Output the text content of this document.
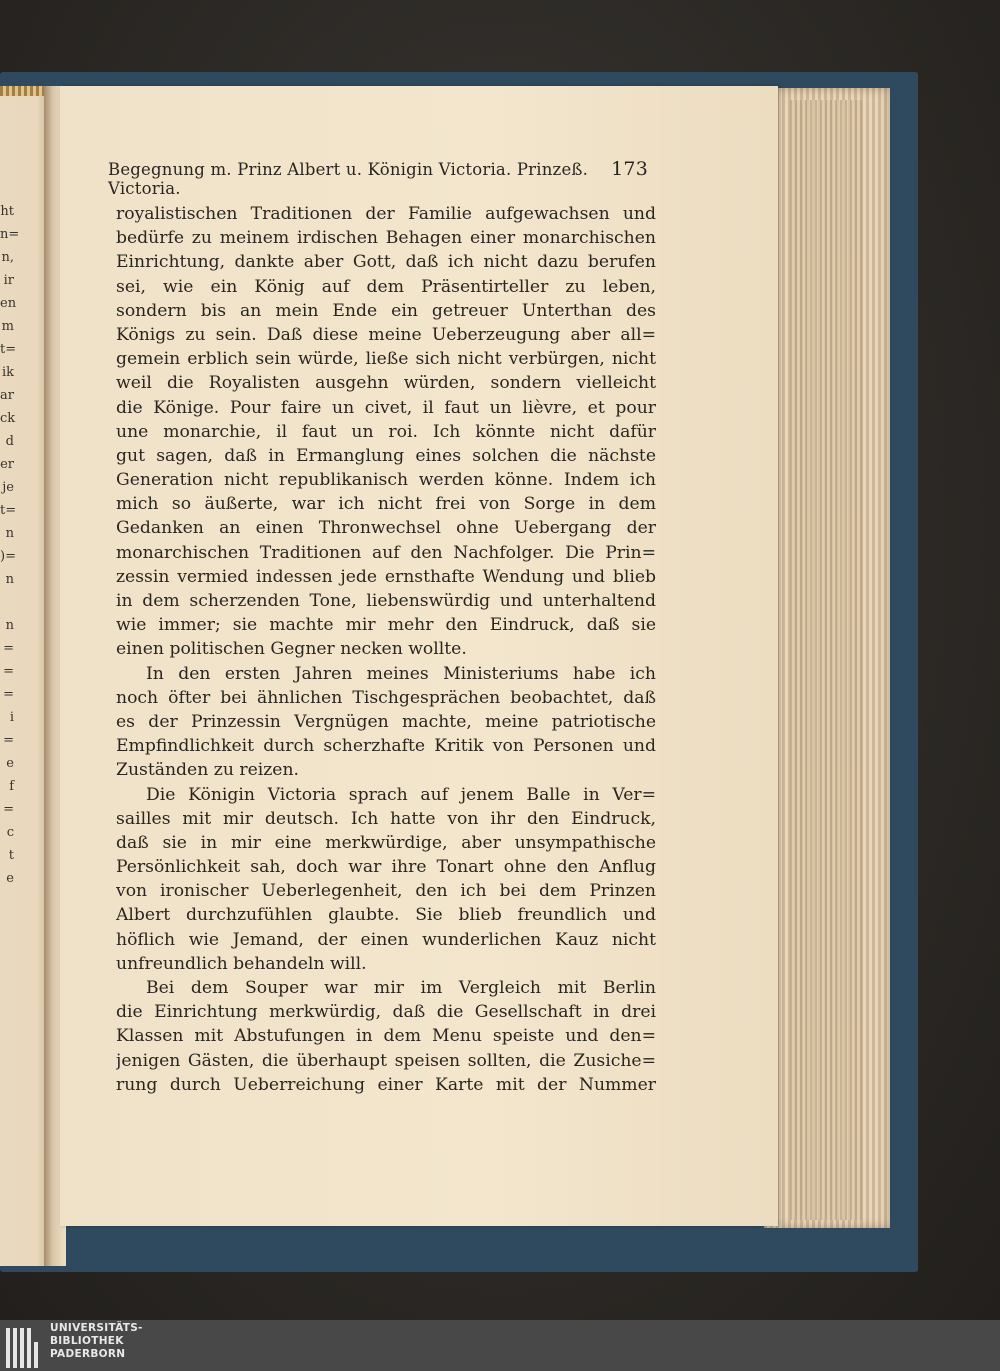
ht
n=
n,
ir
en
m
t=
ik
ar
ck
d
er
je
t=
n
)=
n

n
=
=
=
i
=
e
f
=
c
t
e
Begegnung m. Prinz Albert u. Königin Victoria. Prinzeß. Victoria.
173
royalistischen Traditionen der Familie aufgewachsen und
bedürfe zu meinem irdischen Behagen einer monarchischen
Einrichtung, dankte aber Gott, daß ich nicht dazu berufen
sei, wie ein König auf dem Präsentirteller zu leben,
sondern bis an mein Ende ein getreuer Unterthan des
Königs zu sein. Daß diese meine Ueberzeugung aber all=
gemein erblich sein würde, ließe sich nicht verbürgen, nicht
weil die Royalisten ausgehn würden, sondern vielleicht
die Könige. Pour faire un civet, il faut un lièvre, et pour
une monarchie, il faut un roi. Ich könnte nicht dafür
gut sagen, daß in Ermanglung eines solchen die nächste
Generation nicht republikanisch werden könne. Indem ich
mich so äußerte, war ich nicht frei von Sorge in dem
Gedanken an einen Thronwechsel ohne Uebergang der
monarchischen Traditionen auf den Nachfolger. Die Prin=
zessin vermied indessen jede ernsthafte Wendung und blieb
in dem scherzenden Tone, liebenswürdig und unterhaltend
wie immer; sie machte mir mehr den Eindruck, daß sie
einen politischen Gegner necken wollte.
In den ersten Jahren meines Ministeriums habe ich
noch öfter bei ähnlichen Tischgesprächen beobachtet, daß
es der Prinzessin Vergnügen machte, meine patriotische
Empfindlichkeit durch scherzhafte Kritik von Personen und
Zuständen zu reizen.
Die Königin Victoria sprach auf jenem Balle in Ver=
sailles mit mir deutsch. Ich hatte von ihr den Eindruck,
daß sie in mir eine merkwürdige, aber unsympathische
Persönlichkeit sah, doch war ihre Tonart ohne den Anflug
von ironischer Ueberlegenheit, den ich bei dem Prinzen
Albert durchzufühlen glaubte. Sie blieb freundlich und
höflich wie Jemand, der einen wunderlichen Kauz nicht
unfreundlich behandeln will.
Bei dem Souper war mir im Vergleich mit Berlin
die Einrichtung merkwürdig, daß die Gesellschaft in drei
Klassen mit Abstufungen in dem Menu speiste und den=
jenigen Gästen, die überhaupt speisen sollten, die Zusiche=
rung durch Ueberreichung einer Karte mit der Nummer
UNIVERSITÄTS-
BIBLIOTHEK
PADERBORN
